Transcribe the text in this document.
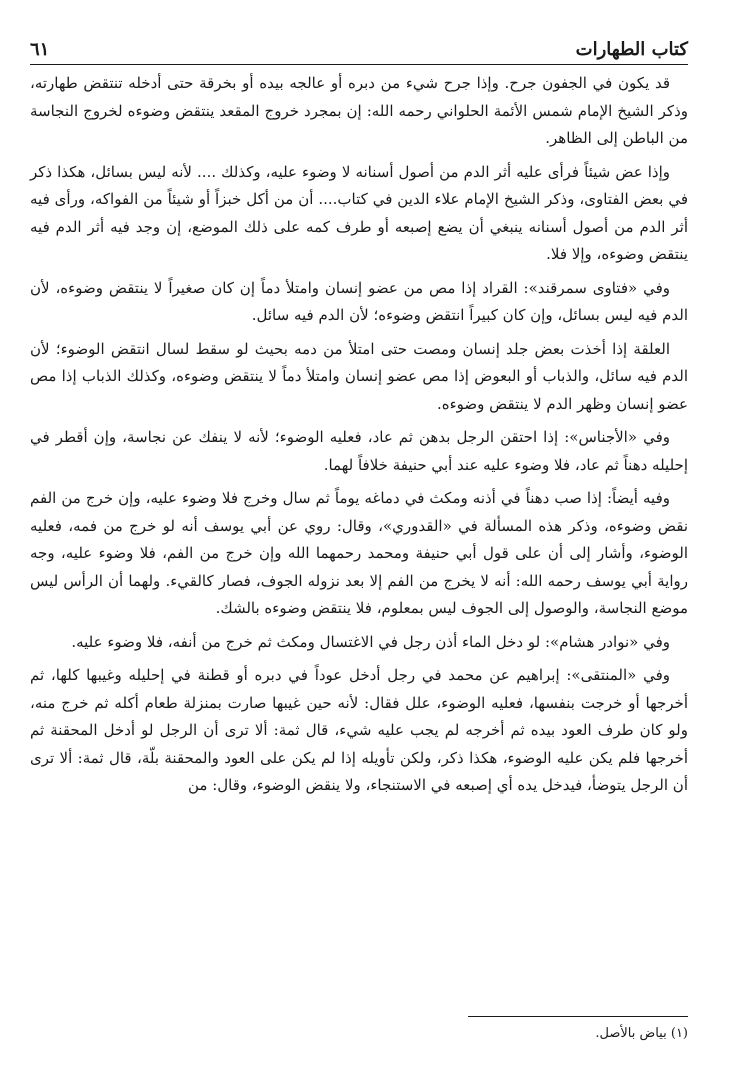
كتاب الطهارات
٦١

قد يكون في الجفون جرح. وإذا جرح شيء من دبره أو عالجه بيده أو بخرقة حتى أدخله تنتقض طهارته، وذكر الشيخ الإمام شمس الأئمة الحلواني رحمه الله: إن بمجرد خروج المقعد ينتقض وضوءه لخروج النجاسة من الباطن إلى الظاهر.

وإذا عض شيئاً فرأى عليه أثر الدم من أصول أسنانه لا وضوء عليه، وكذلك .... لأنه ليس بسائل، هكذا ذكر في بعض الفتاوى، وذكر الشيخ الإمام علاء الدين في كتاب.... أن من أكل خبزاً أو شيئاً من الفواكه، ورأى فيه أثر الدم من أصول أسنانه ينبغي أن يضع إصبعه أو طرف كمه على ذلك الموضع، إن وجد فيه أثر الدم فيه ينتقض وضوءه، وإلا فلا.

وفي «فتاوى سمرقند»: القراد إذا مص من عضو إنسان وامتلأ دماً إن كان صغيراً لا ينتقض وضوءه، لأن الدم فيه ليس بسائل، وإن كان كبيراً انتقض وضوءه؛ لأن الدم فيه سائل.

العلقة إذا أخذت بعض جلد إنسان ومصت حتى امتلأ من دمه بحيث لو سقط لسال انتقض الوضوء؛ لأن الدم فيه سائل، والذباب أو البعوض إذا مص عضو إنسان وامتلأ دماً لا ينتقض وضوءه، وكذلك الذباب إذا مص عضو إنسان وظهر الدم لا ينتقض وضوءه.

وفي «الأجناس»: إذا احتقن الرجل بدهن ثم عاد، فعليه الوضوء؛ لأنه لا ينفك عن نجاسة، وإن أقطر في إحليله دهناً ثم عاد، فلا وضوء عليه عند أبي حنيفة خلافاً لهما.

وفيه أيضاً: إذا صب دهناً في أذنه ومكث في دماغه يوماً ثم سال وخرج فلا وضوء عليه، وإن خرج من الفم نقض وضوءه، وذكر هذه المسألة في «القدوري»، وقال: روي عن أبي يوسف أنه لو خرج من فمه، فعليه الوضوء، وأشار إلى أن على قول أبي حنيفة ومحمد رحمهما الله وإن خرج من الفم، فلا وضوء عليه، وجه رواية أبي يوسف رحمه الله: أنه لا يخرج من الفم إلا بعد نزوله الجوف، فصار كالقيء. ولهما أن الرأس ليس موضع النجاسة، والوصول إلى الجوف ليس بمعلوم، فلا ينتقض وضوءه بالشك.

وفي «نوادر هشام»: لو دخل الماء أذن رجل في الاغتسال ومكث ثم خرج من أنفه، فلا وضوء عليه.

وفي «المنتقى»: إبراهيم عن محمد في رجل أدخل عوداً في دبره أو قطنة في إحليله وغيبها كلها، ثم أخرجها أو خرجت بنفسها، فعليه الوضوء، علل فقال: لأنه حين غيبها صارت بمنزلة طعام أكله ثم خرج منه، ولو كان طرف العود بيده ثم أخرجه لم يجب عليه شيء، قال ثمة: ألا ترى أن الرجل لو أدخل المحقنة ثم أخرجها فلم يكن عليه الوضوء، هكذا ذكر، ولكن تأويله إذا لم يكن على العود والمحقنة بلّة، قال ثمة: ألا ترى أن الرجل يتوضأ، فيدخل يده أي إصبعه في الاستنجاء، ولا ينقض الوضوء، وقال: من

(١) بياض بالأصل.
